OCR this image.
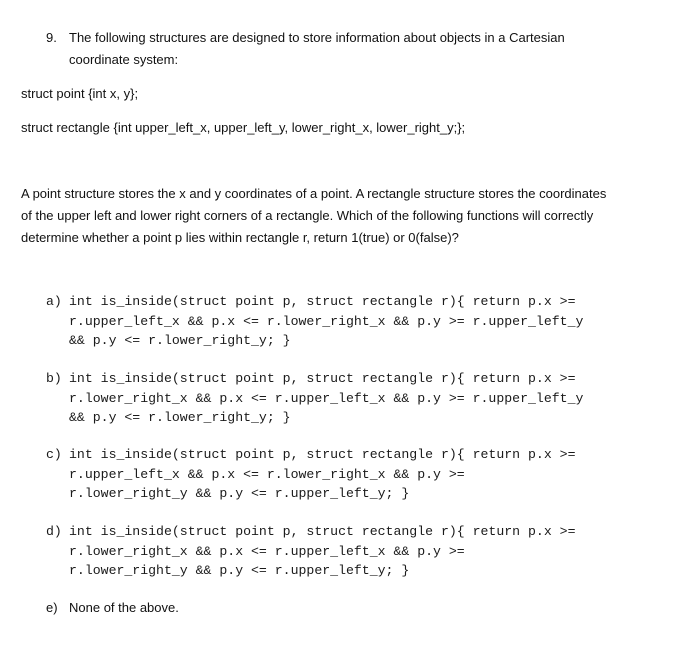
9. The following structures are designed to store information about objects in a Cartesian
coordinate system:
struct point {int x, y};
struct rectangle {int upper_left_x, upper_left_y, lower_right_x, lower_right_y;};
A point structure stores the x and y coordinates of a point. A rectangle structure stores the coordinates
of the upper left and lower right corners of a rectangle. Which of the following functions will correctly
determine whether a point p lies within rectangle r, return 1(true) or 0(false)?
a) int is_inside(struct point p, struct rectangle r){ return p.x >=
r.upper_left_x && p.x <= r.lower_right_x && p.y >= r.upper_left_y
&& p.y <= r.lower_right_y; }
b) int is_inside(struct point p, struct rectangle r){ return p.x >=
r.lower_right_x && p.x <= r.upper_left_x && p.y >= r.upper_left_y
&& p.y <= r.lower_right_y; }
c) int is_inside(struct point p, struct rectangle r){ return p.x >=
r.upper_left_x && p.x <= r.lower_right_x && p.y >=
r.lower_right_y && p.y <= r.upper_left_y; }
d) int is_inside(struct point p, struct rectangle r){ return p.x >=
r.lower_right_x && p.x <= r.upper_left_x && p.y >=
r.lower_right_y && p.y <= r.upper_left_y; }
e) None of the above.
